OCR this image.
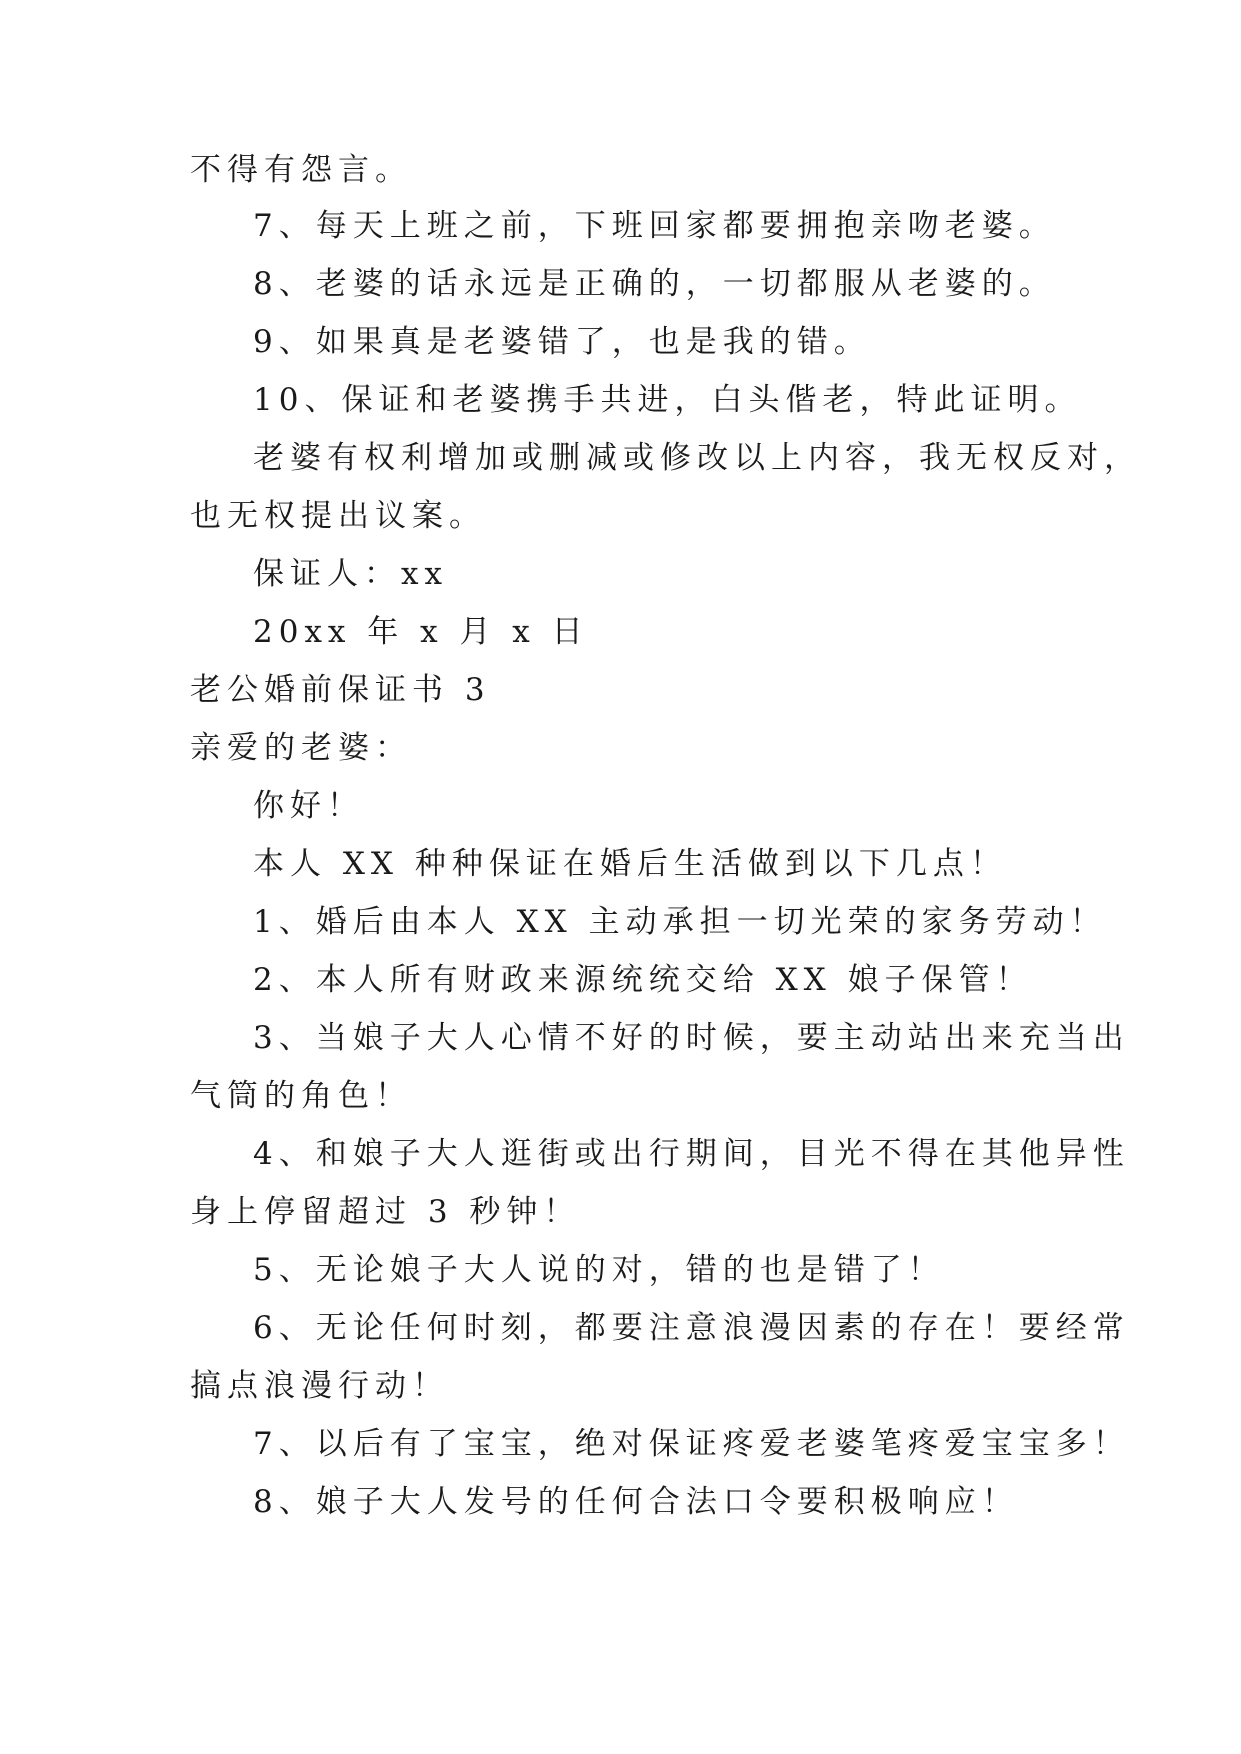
不得有怨言。
7、每天上班之前，下班回家都要拥抱亲吻老婆。
8、老婆的话永远是正确的，一切都服从老婆的。
9、如果真是老婆错了，也是我的错。
10、保证和老婆携手共进，白头偕老，特此证明。
老婆有权利增加或删减或修改以上内容，我无权反对，
也无权提出议案。
保证人：xx
20xx 年 x 月 x 日
老公婚前保证书 3
亲爱的老婆：
你好！
本人 XX 种种保证在婚后生活做到以下几点！
1、婚后由本人 XX 主动承担一切光荣的家务劳动！
2、本人所有财政来源统统交给 XX 娘子保管！
3、当娘子大人心情不好的时候，要主动站出来充当出
气筒的角色！
4、和娘子大人逛街或出行期间，目光不得在其他异性
身上停留超过 3 秒钟！
5、无论娘子大人说的对，错的也是错了！
6、无论任何时刻，都要注意浪漫因素的存在！要经常
搞点浪漫行动！
7、以后有了宝宝，绝对保证疼爱老婆笔疼爱宝宝多！
8、娘子大人发号的任何合法口令要积极响应！
